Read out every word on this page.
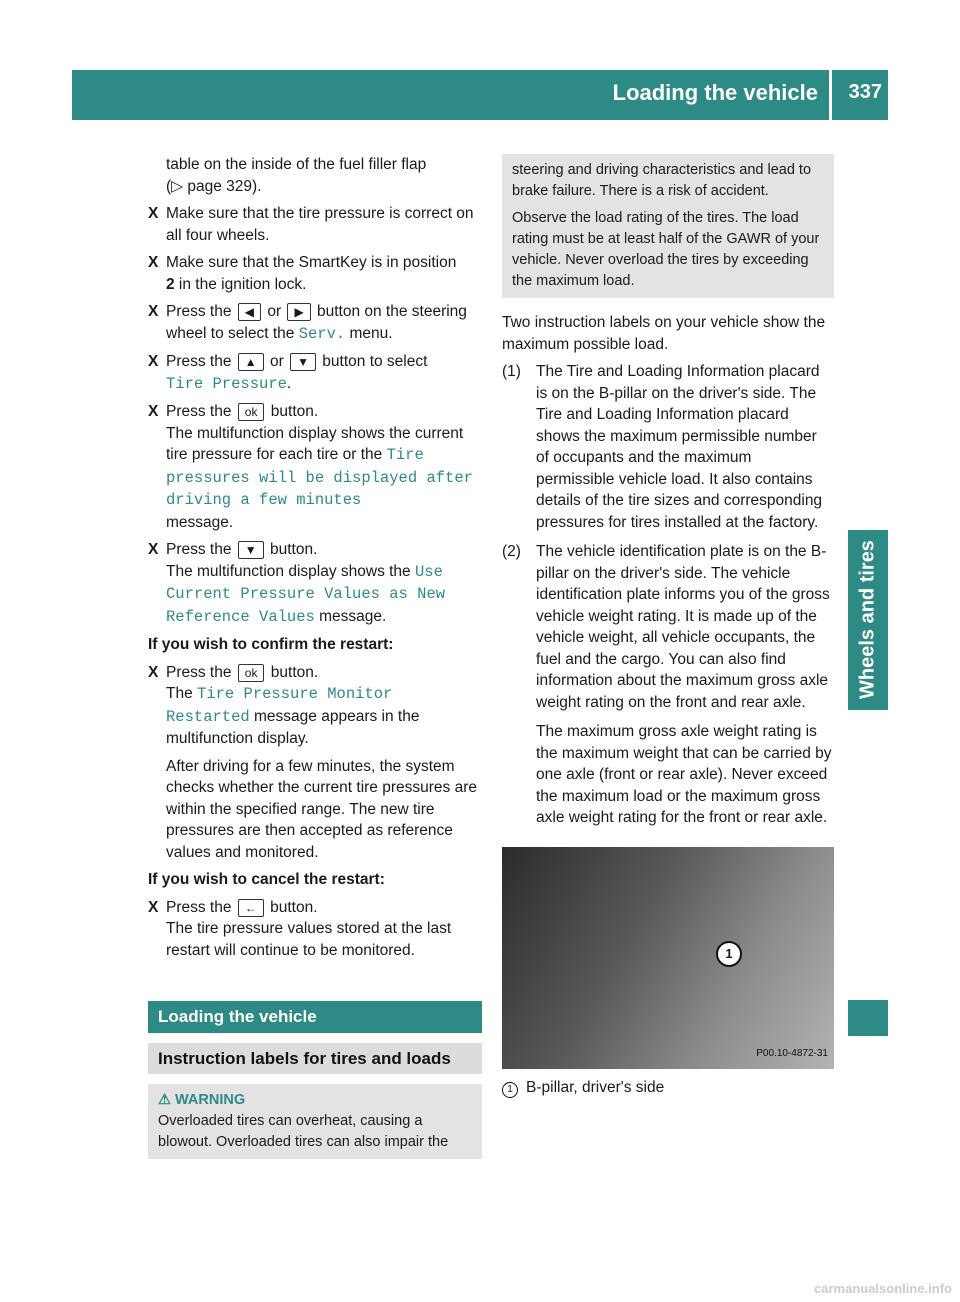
Loading the vehicle 337
Wheels and tires

table on the inside of the fuel filler flap
(▷ page 329).

X Make sure that the tire pressure is correct on all four wheels.
X Make sure that the SmartKey is in position
2 in the ignition lock.
X Press the ◀ or ▶ button on the steering wheel to select the Serv. menu.
X Press the ▲ or ▼ button to select
Tire Pressure.
X Press the ok button.
The multifunction display shows the current tire pressure for each tire or the Tire pressures will be displayed after driving a few minutes
message.
X Press the ▼ button.
The multifunction display shows the Use Current Pressure Values as New Reference Values message.

If you wish to confirm the restart:

X Press the ok button.
The Tire Pressure Monitor Restarted message appears in the multifunction display.

After driving for a few minutes, the system checks whether the current tire pressures are within the specified range. The new tire pressures are then accepted as reference values and monitored.

If you wish to cancel the restart:

X Press the ← button.
The tire pressure values stored at the last restart will continue to be monitored.
Loading the vehicle
Instruction labels for tires and loads
⚠ WARNING
Overloaded tires can overheat, causing a blowout. Overloaded tires can also impair the

steering and driving characteristics and lead to brake failure. There is a risk of accident.

Observe the load rating of the tires. The load rating must be at least half of the GAWR of your vehicle. Never overload the tires by exceeding the maximum load.

Two instruction labels on your vehicle show the maximum possible load.

(1) The Tire and Loading Information placard is on the B-pillar on the driver's side. The Tire and Loading Information placard shows the maximum permissible number of occupants and the maximum permissible vehicle load. It also contains details of the tire sizes and corresponding pressures for tires installed at the factory.
(2) The vehicle identification plate is on the B-pillar on the driver's side. The vehicle identification plate informs you of the gross vehicle weight rating. It is made up of the vehicle weight, all vehicle occupants, the fuel and the cargo. You can also find information about the maximum gross axle weight rating on the front and rear axle.

The maximum gross axle weight rating is the maximum weight that can be carried by one axle (front or rear axle). Never exceed the maximum load or the maximum gross axle weight rating for the front or rear axle.

1
P00.10-4872-31
1 B-pillar, driver's side
carmanualsonline.info
